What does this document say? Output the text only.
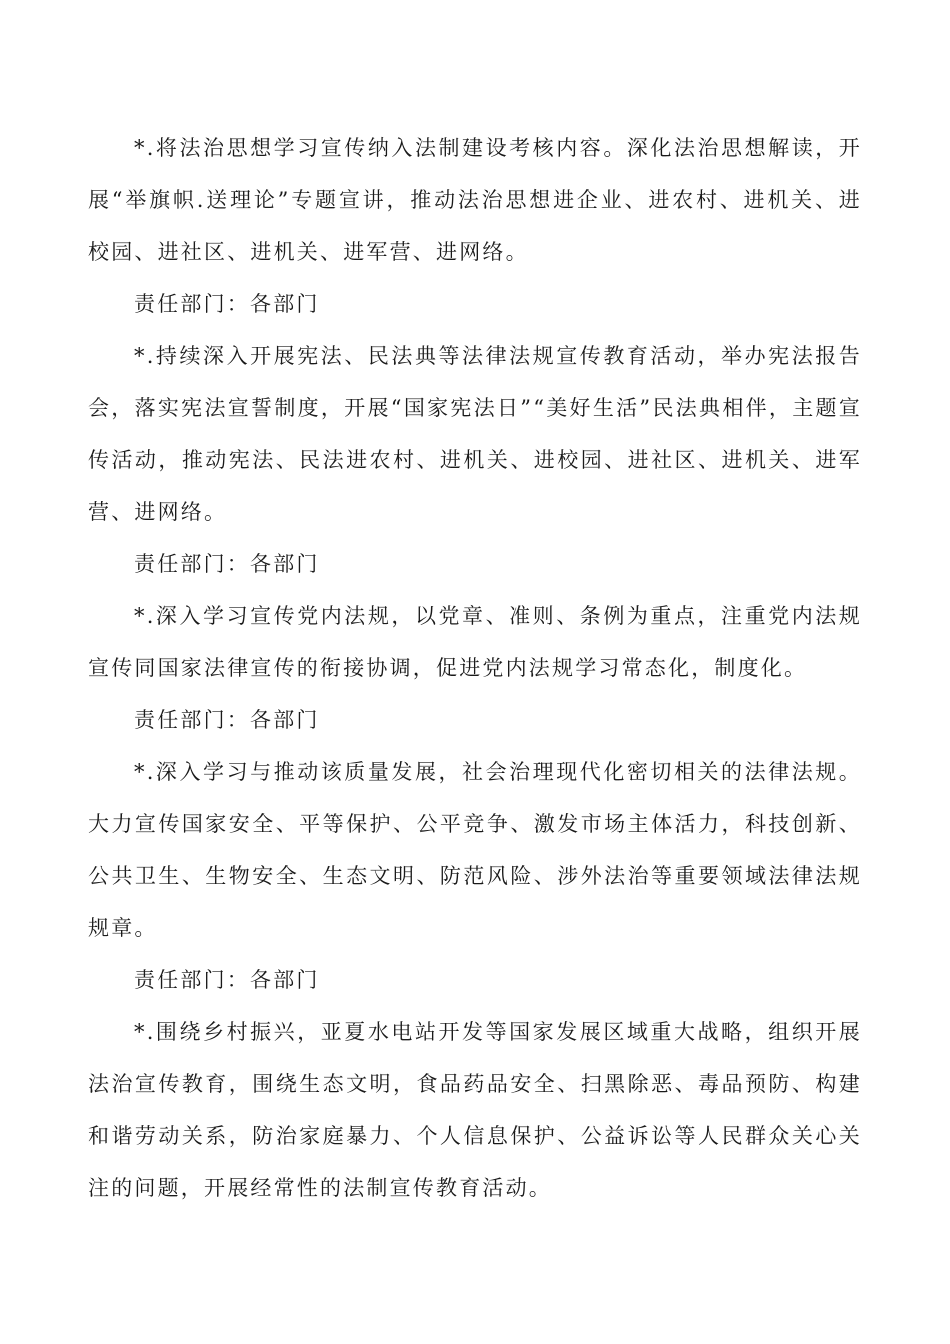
*.将法治思想学习宣传纳入法制建设考核内容。深化法治思想解读，开展“举旗帜.送理论”专题宣讲，推动法治思想进企业、进农村、进机关、进校园、进社区、进机关、进军营、进网络。

责任部门：各部门

*.持续深入开展宪法、民法典等法律法规宣传教育活动，举办宪法报告会，落实宪法宣誓制度，开展“国家宪法日”“美好生活”民法典相伴，主题宣传活动，推动宪法、民法进农村、进机关、进校园、进社区、进机关、进军营、进网络。

责任部门：各部门

*.深入学习宣传党内法规，以党章、准则、条例为重点，注重党内法规宣传同国家法律宣传的衔接协调，促进党内法规学习常态化，制度化。

责任部门：各部门

*.深入学习与推动该质量发展，社会治理现代化密切相关的法律法规。大力宣传国家安全、平等保护、公平竞争、激发市场主体活力，科技创新、公共卫生、生物安全、生态文明、防范风险、涉外法治等重要领域法律法规规章。

责任部门：各部门

*.围绕乡村振兴，亚夏水电站开发等国家发展区域重大战略，组织开展法治宣传教育，围绕生态文明，食品药品安全、扫黑除恶、毒品预防、构建和谐劳动关系，防治家庭暴力、个人信息保护、公益诉讼等人民群众关心关注的问题，开展经常性的法制宣传教育活动。
